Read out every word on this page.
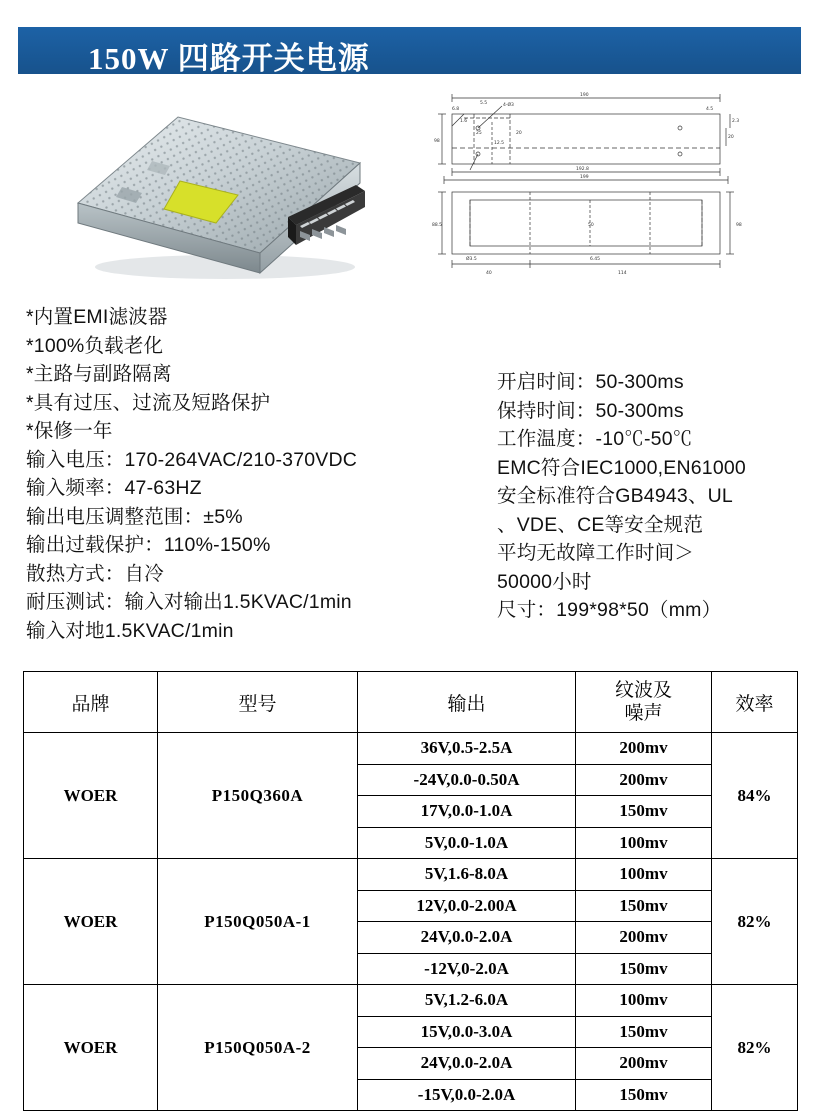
150W 四路开关电源
4-Ø3
190
6.8
5.5
1.6
25
12.5
20
98
2.3
20
4.5
192.8
199
88.5	98
50
40	114
Ø3.5	6.45
*内置EMI滤波器
*100%负载老化
*主路与副路隔离
*具有过压、过流及短路保护
*保修一年
输入电压：170-264VAC/210-370VDC
输入频率：47-63HZ
输出电压调整范围：±5%
输出过载保护：110%-150%
散热方式：自冷
耐压测试：输入对输出1.5KVAC/1min
输入对地1.5KVAC/1min
开启时间：50-300ms
保持时间：50-300ms
工作温度：-10℃-50℃
EMC符合IEC1000,EN61000
安全标准符合GB4943、UL
、VDE、CE等安全规范
平均无故障工作时间＞
50000小时
尺寸：199*98*50（mm）
品牌	型号	输出	纹波及
噪声	效率
WOER	P150Q360A	36V,0.5-2.5A	200mv	84%
		-24V,0.0-0.50A	200mv	
		17V,0.0-1.0A	150mv	
		5V,0.0-1.0A	100mv	
WOER	P150Q050A-1	5V,1.6-8.0A	100mv	82%
		12V,0.0-2.00A	150mv	
		24V,0.0-2.0A	200mv	
		-12V,0-2.0A	150mv	
WOER	P150Q050A-2	5V,1.2-6.0A	100mv	82%
		15V,0.0-3.0A	150mv	
		24V,0.0-2.0A	200mv	
		-15V,0.0-2.0A	150mv	
